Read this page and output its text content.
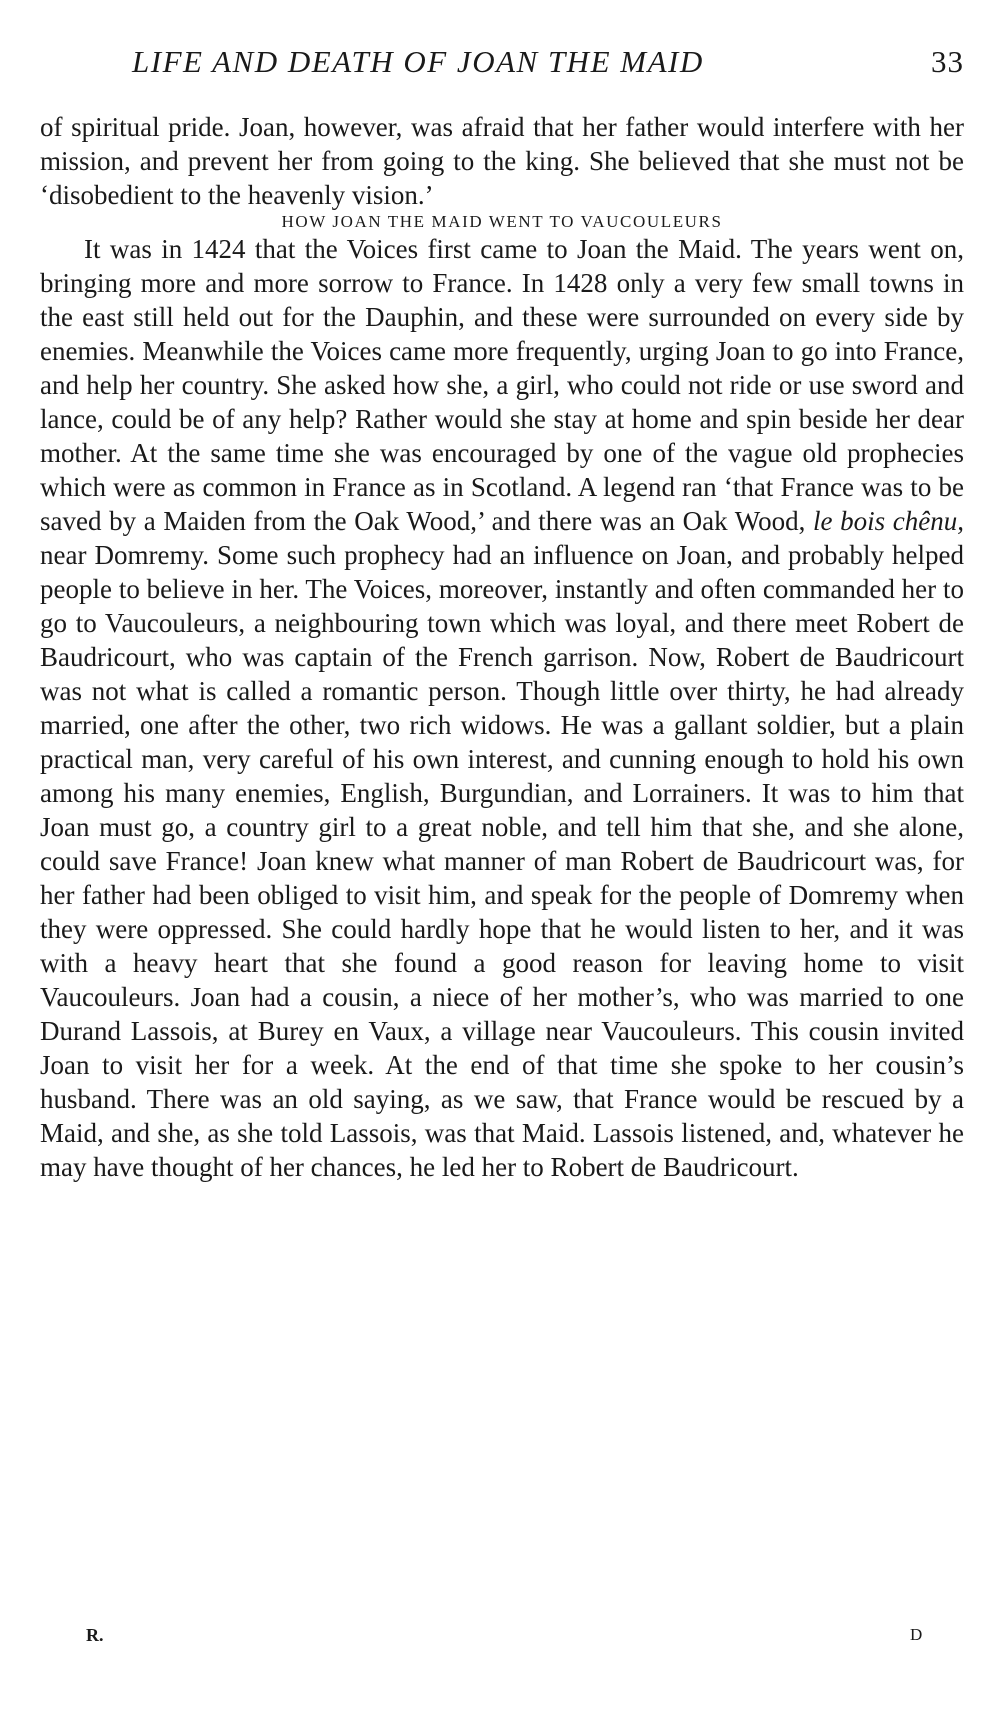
LIFE AND DEATH OF JOAN THE MAID	33

of spiritual pride. Joan, however, was afraid that her father would interfere with her mission, and prevent her from going to the king. She believed that she must not be ‘disobedient to the heavenly vision.’

HOW JOAN THE MAID WENT TO VAUCOULEURS

It was in 1424 that the Voices first came to Joan the Maid. The years went on, bringing more and more sorrow to France. In 1428 only a very few small towns in the east still held out for the Dauphin, and these were surrounded on every side by enemies. Meanwhile the Voices came more frequently, urging Joan to go into France, and help her country. She asked how she, a girl, who could not ride or use sword and lance, could be of any help? Rather would she stay at home and spin beside her dear mother. At the same time she was encouraged by one of the vague old prophecies which were as common in France as in Scotland. A legend ran ‘that France was to be saved by a Maiden from the Oak Wood,’ and there was an Oak Wood, le bois chênu, near Domremy. Some such prophecy had an influence on Joan, and probably helped people to believe in her. The Voices, moreover, instantly and often commanded her to go to Vaucouleurs, a neighbouring town which was loyal, and there meet Robert de Baudricourt, who was captain of the French garrison. Now, Robert de Baudricourt was not what is called a romantic person. Though little over thirty, he had already married, one after the other, two rich widows. He was a gallant soldier, but a plain practical man, very careful of his own interest, and cunning enough to hold his own among his many enemies, English, Burgundian, and Lorrainers. It was to him that Joan must go, a country girl to a great noble, and tell him that she, and she alone, could save France! Joan knew what manner of man Robert de Baudricourt was, for her father had been obliged to visit him, and speak for the people of Domremy when they were oppressed. She could hardly hope that he would listen to her, and it was with a heavy heart that she found a good reason for leaving home to visit Vaucouleurs. Joan had a cousin, a niece of her mother’s, who was married to one Durand Lassois, at Burey en Vaux, a village near Vaucouleurs. This cousin invited Joan to visit her for a week. At the end of that time she spoke to her cousin’s husband. There was an old saying, as we saw, that France would be rescued by a Maid, and she, as she told Lassois, was that Maid. Lassois listened, and, whatever he may have thought of her chances, he led her to Robert de Baudricourt.

R.	D
